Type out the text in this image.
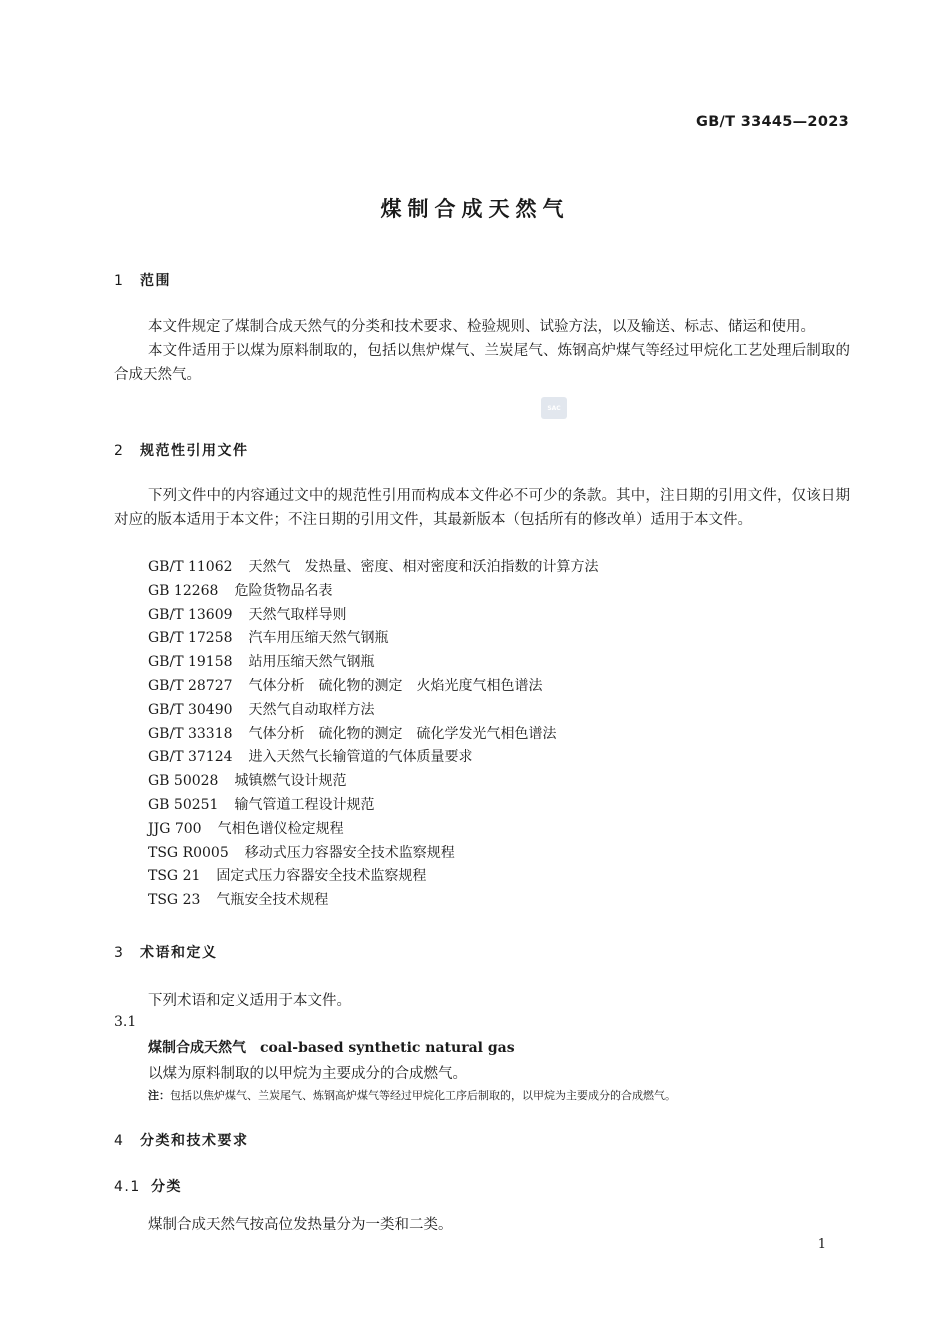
GB/T 33445—2023
煤制合成天然气
1 范围

本文件规定了煤制合成天然气的分类和技术要求、检验规则、试验方法，以及输送、标志、储运和使用。

本文件适用于以煤为原料制取的，包括以焦炉煤气、兰炭尾气、炼钢高炉煤气等经过甲烷化工艺处理后制取的合成天然气。

SAC
2 规范性引用文件

下列文件中的内容通过文中的规范性引用而构成本文件必不可少的条款。其中，注日期的引用文件，仅该日期对应的版本适用于本文件；不注日期的引用文件，其最新版本（包括所有的修改单）适用于本文件。

GB/T 11062 天然气　发热量、密度、相对密度和沃泊指数的计算方法
GB 12268 危险货物品名表
GB/T 13609 天然气取样导则
GB/T 17258 汽车用压缩天然气钢瓶
GB/T 19158 站用压缩天然气钢瓶
GB/T 28727 气体分析　硫化物的测定　火焰光度气相色谱法
GB/T 30490 天然气自动取样方法
GB/T 33318 气体分析　硫化物的测定　硫化学发光气相色谱法
GB/T 37124 进入天然气长输管道的气体质量要求
GB 50028 城镇燃气设计规范
GB 50251 输气管道工程设计规范
JJG 700 气相色谱仪检定规程
TSG R0005 移动式压力容器安全技术监察规程
TSG 21 固定式压力容器安全技术监察规程
TSG 23 气瓶安全技术规程
3 术语和定义
下列术语和定义适用于本文件。
3.1
煤制合成天然气 coal-based synthetic natural gas
以煤为原料制取的以甲烷为主要成分的合成燃气。
注：包括以焦炉煤气、兰炭尾气、炼钢高炉煤气等经过甲烷化工序后制取的，以甲烷为主要成分的合成燃气。
4 分类和技术要求
4.1 分类
煤制合成天然气按高位发热量分为一类和二类。
1
